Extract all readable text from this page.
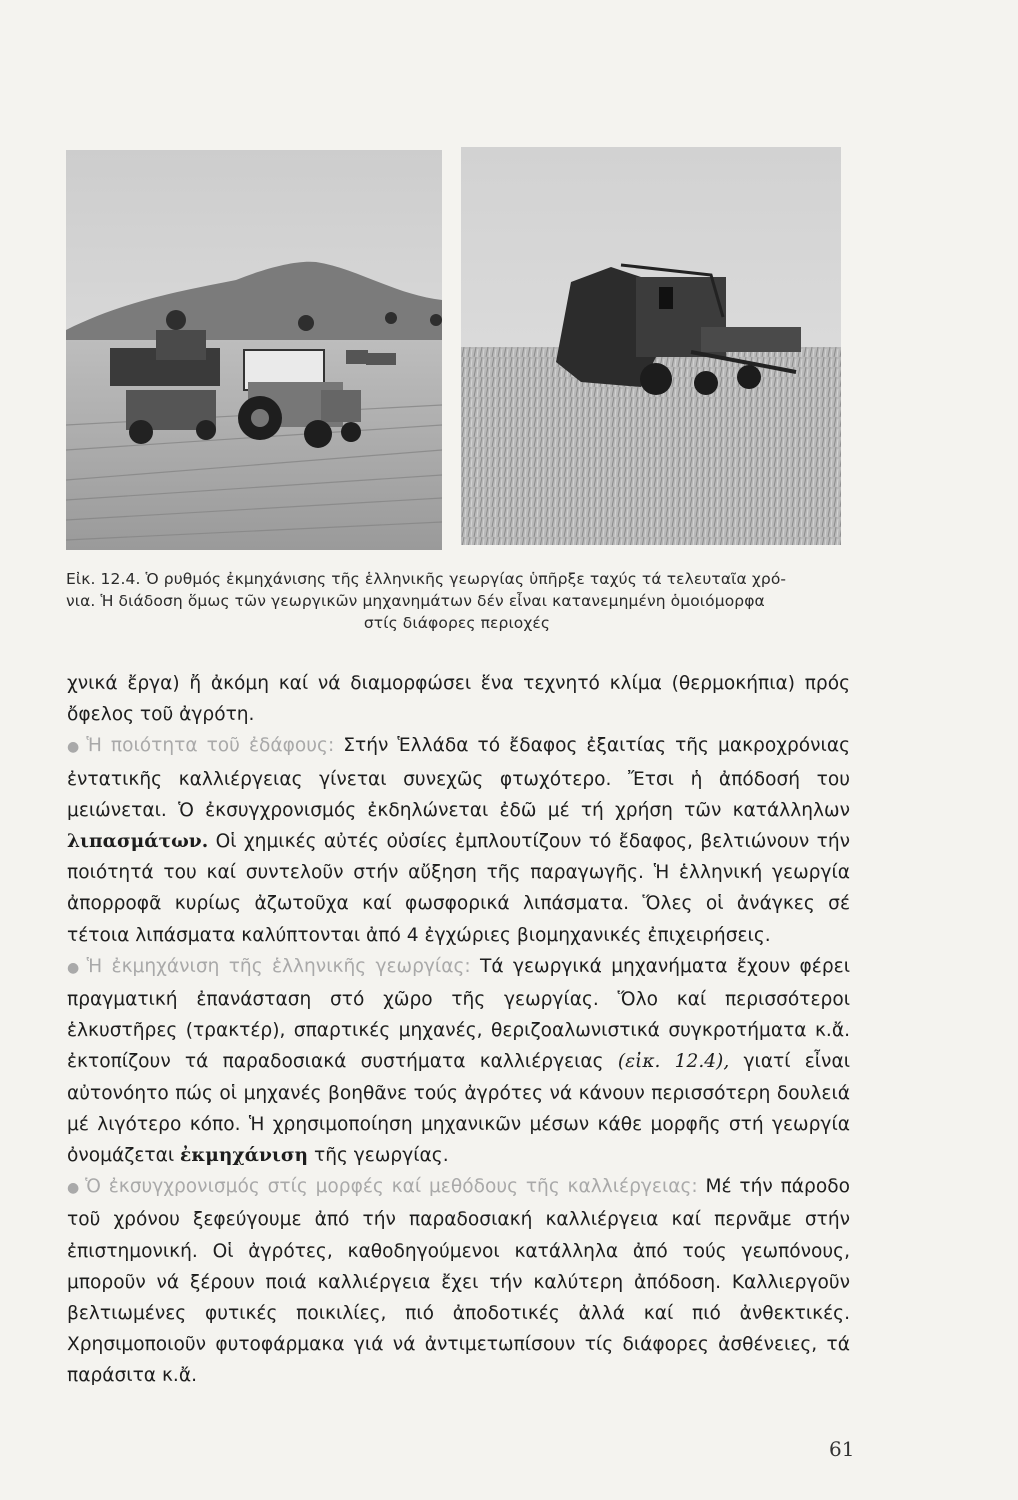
Εἰκ. 12.4. Ὁ ρυθμός ἐκμηχάνισης τῆς ἑλληνικῆς γεωργίας ὑπῆρξε ταχύς τά τελευταῖα χρό-
νια. Ἡ διάδοση ὅμως τῶν γεωργικῶν μηχανημάτων δέν εἶναι κατανεμημένη ὁμοιόμορφα

στίς διάφορες περιοχές

χνικά ἔργα) ἤ ἀκόμη καί νά διαμορφώσει ἕνα τεχνητό κλίμα (θερμοκήπια) πρός ὄφελος τοῦ ἀγρότη.

● Ἡ ποιότητα τοῦ ἐδάφους: Στήν Ἑλλάδα τό ἔδαφος ἐξαιτίας τῆς μακροχρόνιας ἐντατικῆς καλλιέργειας γίνεται συνεχῶς φτωχότερο. Ἔτσι ἡ ἀπόδοσή του μειώνεται. Ὁ ἐκσυγχρονισμός ἐκδηλώνεται ἐδῶ μέ τή χρήση τῶν κατάλληλων λιπασμάτων. Οἱ χημικές αὐτές οὐσίες ἐμπλουτίζουν τό ἔδαφος, βελτιώνουν τήν ποιότητά του καί συντελοῦν στήν αὔξηση τῆς παραγωγῆς. Ἡ ἑλληνική γεωργία ἀπορροφᾶ κυρίως ἀζωτοῦχα καί φωσφορικά λιπάσματα. Ὅλες οἱ ἀνάγκες σέ τέτοια λιπάσματα καλύπτονται ἀπό 4 ἐγχώριες βιομηχανικές ἐπιχειρήσεις.

● Ἡ ἐκμηχάνιση τῆς ἑλληνικῆς γεωργίας: Τά γεωργικά μηχανήματα ἔχουν φέρει πραγματική ἐπανάσταση στό χῶρο τῆς γεωργίας. Ὅλο καί περισσότεροι ἑλκυστῆρες (τρακτέρ), σπαρτικές μηχανές, θεριζοαλωνιστικά συγκροτήματα κ.ἄ. ἐκτοπίζουν τά παραδοσιακά συστήματα καλλιέργειας (εἰκ. 12.4), γιατί εἶναι αὐτονόητο πώς οἱ μηχανές βοηθᾶνε τούς ἀγρότες νά κάνουν περισσότερη δουλειά μέ λιγότερο κόπο. Ἡ χρησιμοποίηση μηχανικῶν μέσων κάθε μορφῆς στή γεωργία ὀνομάζεται ἐκμηχάνιση τῆς γεωργίας.

● Ὁ ἐκσυγχρονισμός στίς μορφές καί μεθόδους τῆς καλλιέργειας: Μέ τήν πάροδο τοῦ χρόνου ξεφεύγουμε ἀπό τήν παραδοσιακή καλλιέργεια καί περνᾶμε στήν ἐπιστημονική. Οἱ ἀγρότες, καθοδηγούμενοι κατάλληλα ἀπό τούς γεωπόνους, μποροῦν νά ξέρουν ποιά καλλιέργεια ἔχει τήν καλύτερη ἀπόδοση. Καλλιεργοῦν βελτιωμένες φυτικές ποικιλίες, πιό ἀποδοτικές ἀλλά καί πιό ἀνθεκτικές. Χρησιμοποιοῦν φυτοφάρμακα γιά νά ἀντιμετωπίσουν τίς διάφορες ἀσθένειες, τά παράσιτα κ.ἄ.

61
